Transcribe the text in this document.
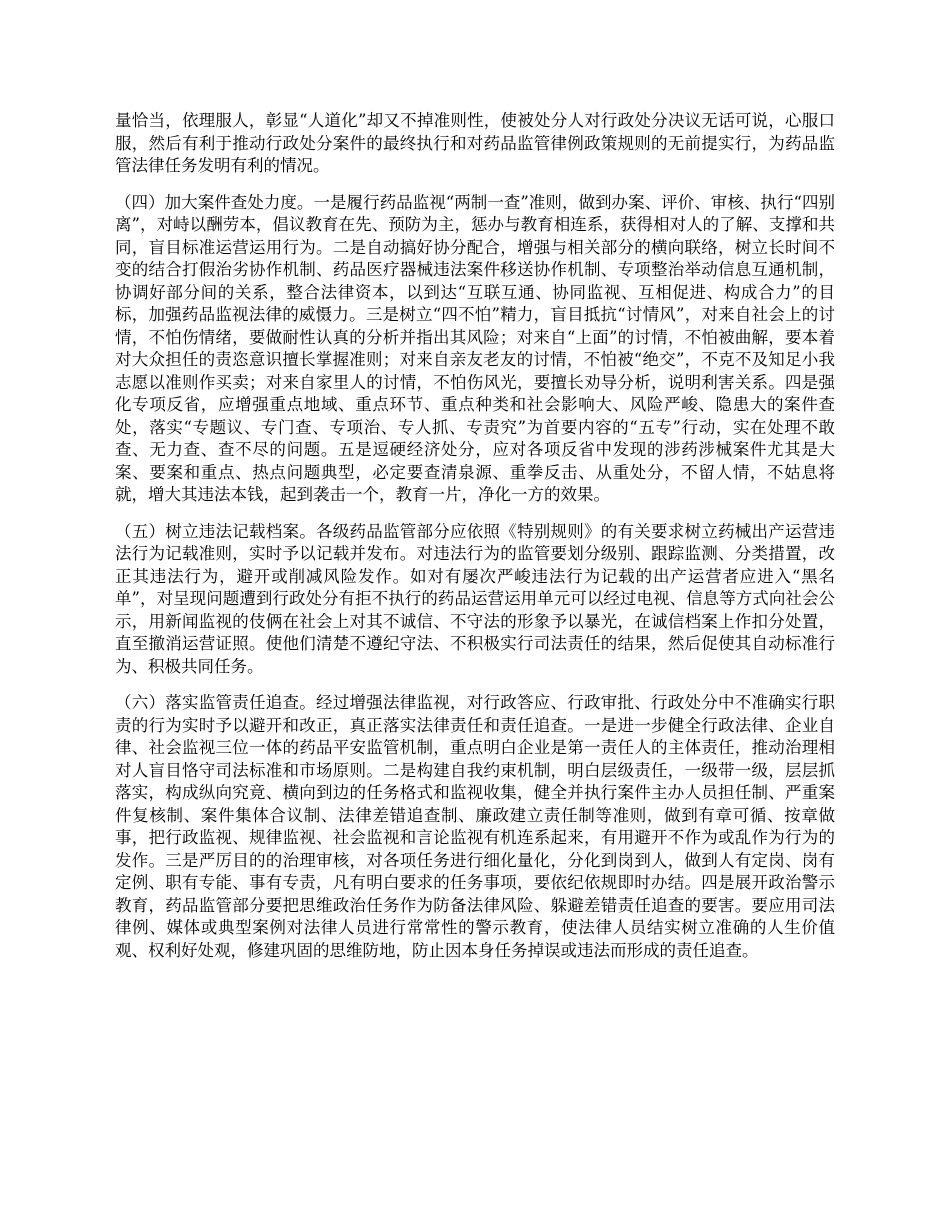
量恰当，依理服人，彰显“人道化”却又不掉准则性，使被处分人对行政处分决议无话可说，心服口服，然后有利于推动行政处分案件的最终执行和对药品监管律例政策规则的无前提实行，为药品监管法律任务发明有利的情况。

（四）加大案件查处力度。一是履行药品监视“两制一查”准则，做到办案、评价、审核、执行“四别离”，对峙以酬劳本，倡议教育在先、预防为主，惩办与教育相连系，获得相对人的了解、支撑和共同，盲目标准运营运用行为。二是自动搞好协分配合，增强与相关部分的横向联络，树立长时间不变的结合打假治劣协作机制、药品医疗器械违法案件移送协作机制、专项整治举动信息互通机制，协调好部分间的关系，整合法律资本，以到达“互联互通、协同监视、互相促进、构成合力”的目标，加强药品监视法律的威慑力。三是树立“四不怕”精力，盲目抵抗“讨情风”，对来自社会上的讨情，不怕伤情绪，要做耐性认真的分析并指出其风险；对来自“上面”的讨情，不怕被曲解，要本着对大众担任的责恣意识擅长掌握准则；对来自亲友老友的讨情，不怕被“绝交”，不克不及知足小我志愿以准则作买卖；对来自家里人的讨情，不怕伤风光，要擅长劝导分析，说明利害关系。四是强化专项反省，应增强重点地域、重点环节、重点种类和社会影响大、风险严峻、隐患大的案件查处，落实“专题议、专门查、专项治、专人抓、专责究”为首要内容的“五专”行动，实在处理不敢查、无力查、查不尽的问题。五是逗硬经济处分，应对各项反省中发现的涉药涉械案件尤其是大案、要案和重点、热点问题典型，必定要查清泉源、重拳反击、从重处分，不留人情，不姑息将就，增大其违法本钱，起到袭击一个，教育一片，净化一方的效果。

（五）树立违法记载档案。各级药品监管部分应依照《特别规则》的有关要求树立药械出产运营违法行为记载准则，实时予以记载并发布。对违法行为的监管要划分级别、跟踪监测、分类措置，改正其违法行为，避开或削减风险发作。如对有屡次严峻违法行为记载的出产运营者应进入“黑名单”，对呈现问题遭到行政处分有拒不执行的药品运营运用单元可以经过电视、信息等方式向社会公示，用新闻监视的伎俩在社会上对其不诚信、不守法的形象予以暴光，在诚信档案上作扣分处置，直至撤消运营证照。使他们清楚不遵纪守法、不积极实行司法责任的结果，然后促使其自动标准行为、积极共同任务。

（六）落实监管责任追查。经过增强法律监视，对行政答应、行政审批、行政处分中不准确实行职责的行为实时予以避开和改正，真正落实法律责任和责任追查。一是进一步健全行政法律、企业自律、社会监视三位一体的药品平安监管机制，重点明白企业是第一责任人的主体责任，推动治理相对人盲目恪守司法标准和市场原则。二是构建自我约束机制，明白层级责任，一级带一级，层层抓落实，构成纵向究竟、横向到边的任务格式和监视收集，健全并执行案件主办人员担任制、严重案件复核制、案件集体合议制、法律差错追查制、廉政建立责任制等准则，做到有章可循、按章做事，把行政监视、规律监视、社会监视和言论监视有机连系起来，有用避开不作为或乱作为行为的发作。三是严厉目的的治理审核，对各项任务进行细化量化，分化到岗到人，做到人有定岗、岗有定例、职有专能、事有专责，凡有明白要求的任务事项，要依纪依规即时办结。四是展开政治警示教育，药品监管部分要把思维政治任务作为防备法律风险、躲避差错责任追查的要害。要应用司法律例、媒体或典型案例对法律人员进行常常性的警示教育，使法律人员结实树立准确的人生价值观、权利好处观，修建巩固的思维防地，防止因本身任务掉误或违法而形成的责任追查。
